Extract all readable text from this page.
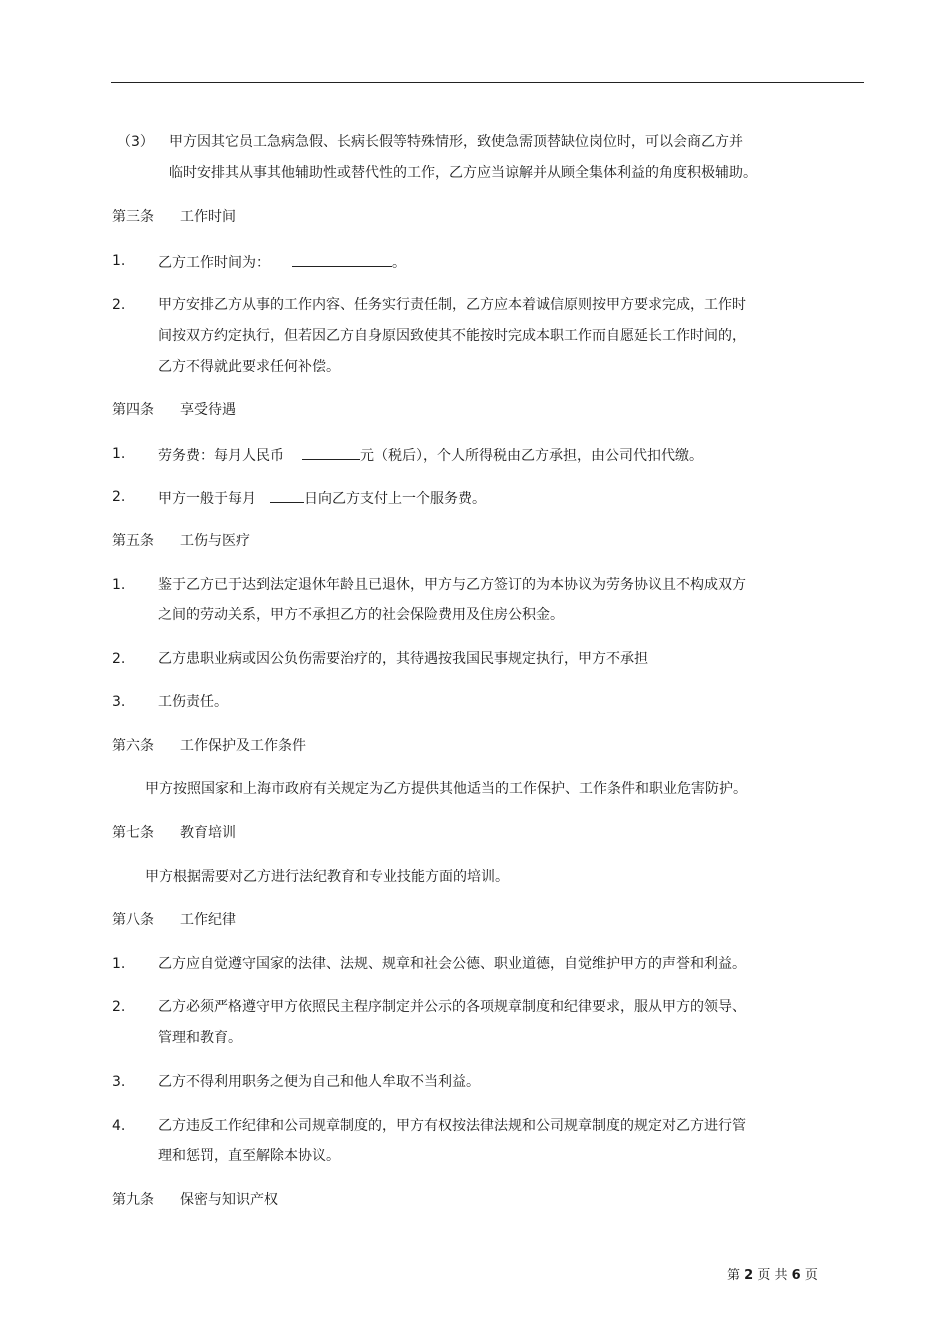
（3） 甲方因其它员工急病急假、长病长假等特殊情形，致使急需顶替缺位岗位时，可以会商乙方并
临时安排其从事其他辅助性或替代性的工作，乙方应当谅解并从顾全集体利益的角度积极辅助。
第三条 工作时间
1. 乙方工作时间为：	。
2. 甲方安排乙方从事的工作内容、任务实行责任制，乙方应本着诚信原则按甲方要求完成，工作时
间按双方约定执行，但若因乙方自身原因致使其不能按时完成本职工作而自愿延长工作时间的，
乙方不得就此要求任何补偿。
第四条 享受待遇
1. 劳务费：每月人民币	元（税后），个人所得税由乙方承担，由公司代扣代缴。
2. 甲方一般于每月	日向乙方支付上一个服务费。
第五条 工伤与医疗
1. 鉴于乙方已于达到法定退休年龄且已退休，甲方与乙方签订的为本协议为劳务协议且不构成双方
之间的劳动关系，甲方不承担乙方的社会保险费用及住房公积金。
2. 乙方患职业病或因公负伤需要治疗的，其待遇按我国民事规定执行，甲方不承担
3. 工伤责任。
第六条 工作保护及工作条件
甲方按照国家和上海市政府有关规定为乙方提供其他适当的工作保护、工作条件和职业危害防护。
第七条 教育培训
甲方根据需要对乙方进行法纪教育和专业技能方面的培训。
第八条 工作纪律
1. 乙方应自觉遵守国家的法律、法规、规章和社会公德、职业道德，自觉维护甲方的声誉和利益。
2. 乙方必须严格遵守甲方依照民主程序制定并公示的各项规章制度和纪律要求，服从甲方的领导、
管理和教育。
3. 乙方不得利用职务之便为自己和他人牟取不当利益。
4. 乙方违反工作纪律和公司规章制度的，甲方有权按法律法规和公司规章制度的规定对乙方进行管
理和惩罚，直至解除本协议。
第九条 保密与知识产权
第 2 页 共 6 页
